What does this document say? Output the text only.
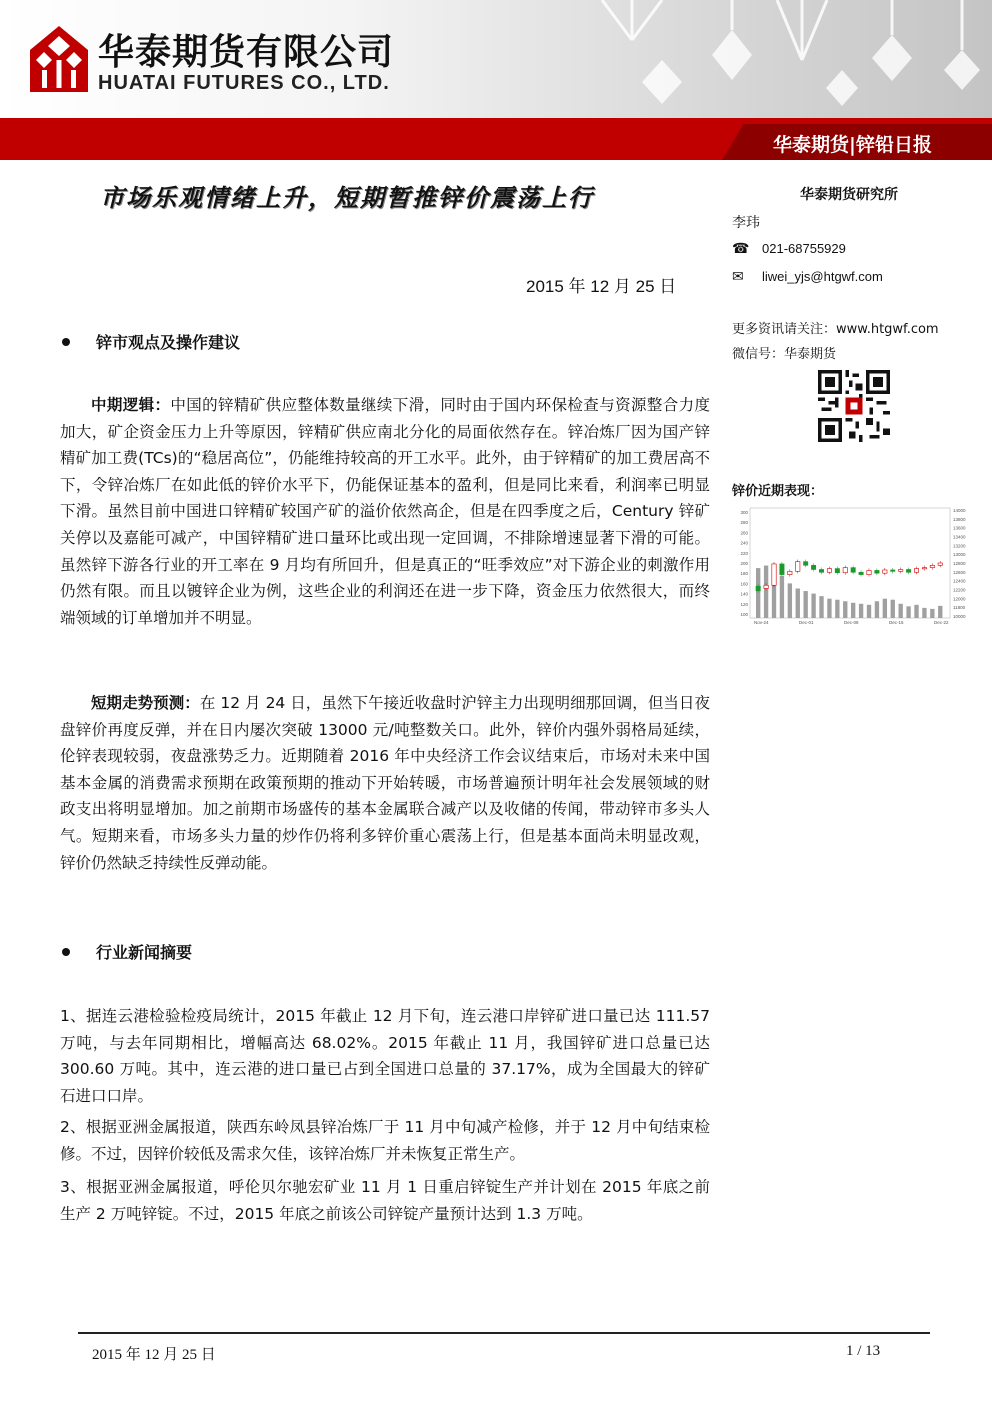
华泰期货有限公司
HUATAI FUTURES CO., LTD.
华泰期货|锌铅日报
市场乐观情绪上升，短期暂推锌价震荡上行
2015 年 12 月 25 日
华泰期货研究所
李玮
☎ 021-68755929
✉	liwei_yjs@htgwf.com
更多资讯请关注：www.htgwf.com
微信号：华泰期货
锌价近期表现：
300
280
260
240
220
200
180
160
140
120
100
14000
13800
13600
13400
13200
13000
12800
12600
12400
12200
12000
11800
10000
Nov-24	Dec-01	Dec-08	Dec-15	Dec-22
锌市观点及操作建议
中期逻辑：中国的锌精矿供应整体数量继续下滑，同时由于国内环保检查与资源整合力度加大，矿企资金压力上升等原因，锌精矿供应南北分化的局面依然存在。锌冶炼厂因为国产锌精矿加工费(TCs)的“稳居高位”，仍能维持较高的开工水平。此外，由于锌精矿的加工费居高不下，令锌冶炼厂在如此低的锌价水平下，仍能保证基本的盈利，但是同比来看，利润率已明显下滑。虽然目前中国进口锌精矿较国产矿的溢价依然高企，但是在四季度之后，Century 锌矿关停以及嘉能可减产，中国锌精矿进口量环比或出现一定回调，不排除增速显著下滑的可能。虽然锌下游各行业的开工率在 9 月均有所回升，但是真正的“旺季效应”对下游企业的刺激作用仍然有限。而且以镀锌企业为例，这些企业的利润还在进一步下降，资金压力依然很大，而终端领域的订单增加并不明显。
短期走势预测：在 12 月 24 日，虽然下午接近收盘时沪锌主力出现明细那回调，但当日夜盘锌价再度反弹，并在日内屡次突破 13000 元/吨整数关口。此外，锌价内强外弱格局延续，伦锌表现较弱，夜盘涨势乏力。近期随着 2016 年中央经济工作会议结束后，市场对未来中国基本金属的消费需求预期在政策预期的推动下开始转暖，市场普遍预计明年社会发展领域的财政支出将明显增加。加之前期市场盛传的基本金属联合减产以及收储的传闻，带动锌市多头人气。短期来看，市场多头力量的炒作仍将利多锌价重心震荡上行，但是基本面尚未明显改观，锌价仍然缺乏持续性反弹动能。
行业新闻摘要
1、据连云港检验检疫局统计，2015 年截止 12 月下旬，连云港口岸锌矿进口量已达 111.57 万吨，与去年同期相比，增幅高达 68.02%。2015 年截止 11 月，我国锌矿进口总量已达 300.60 万吨。其中，连云港的进口量已占到全国进口总量的 37.17%，成为全国最大的锌矿石进口口岸。
2、根据亚洲金属报道，陕西东岭凤县锌冶炼厂于 11 月中旬减产检修，并于 12 月中旬结束检修。不过，因锌价较低及需求欠佳，该锌冶炼厂并未恢复正常生产。
3、根据亚洲金属报道，呼伦贝尔驰宏矿业 11 月 1 日重启锌锭生产并计划在 2015 年底之前生产 2 万吨锌锭。不过，2015 年底之前该公司锌锭产量预计达到 1.3 万吨。
2015 年 12 月 25 日	1 / 13
